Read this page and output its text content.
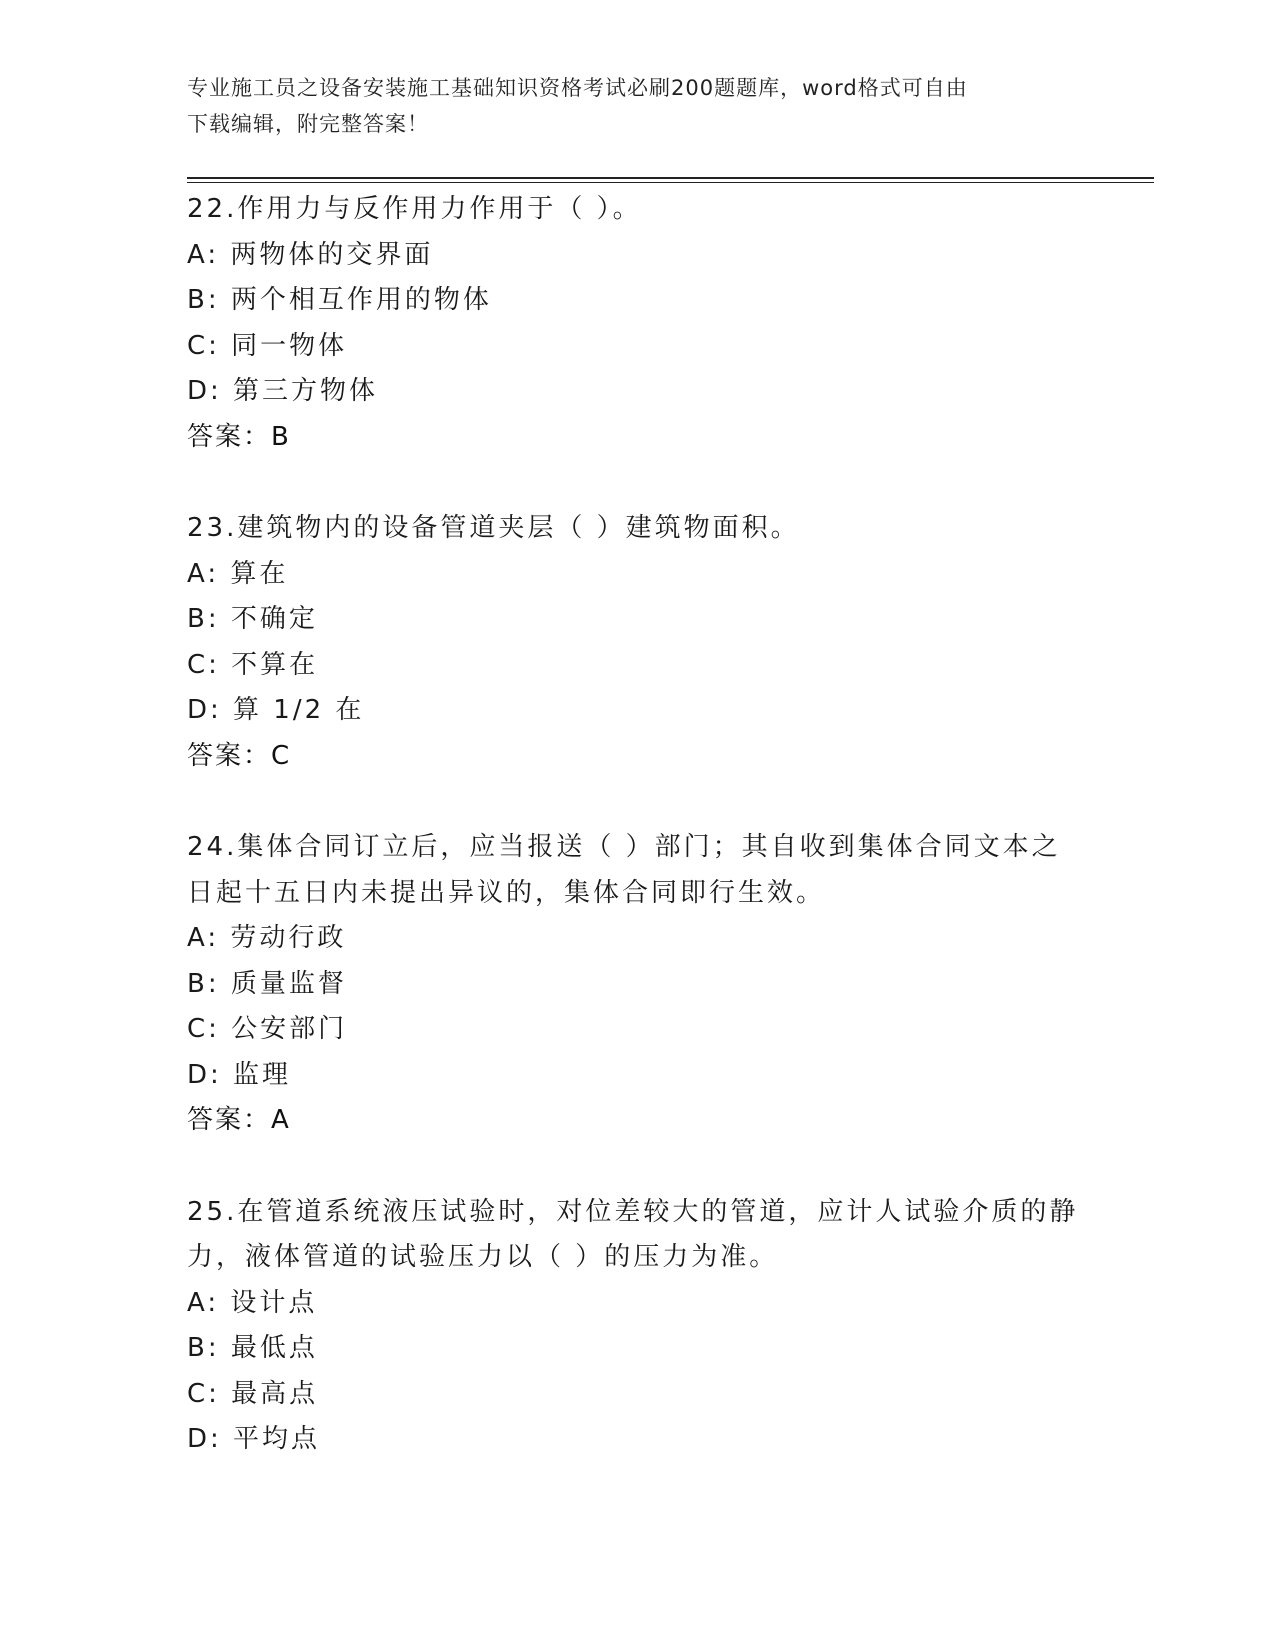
专业施工员之设备安装施工基础知识资格考试必刷200题题库，word格式可自由
下载编辑，附完整答案！
22.作用力与反作用力作用于（ ）。
A: 两物体的交界面
B: 两个相互作用的物体
C: 同一物体
D: 第三方物体
答案：B
23.建筑物内的设备管道夹层（ ）建筑物面积。
A: 算在
B: 不确定
C: 不算在
D: 算 1/2 在
答案：C
24.集体合同订立后，应当报送（ ）部门；其自收到集体合同文本之
日起十五日内未提出异议的，集体合同即行生效。
A: 劳动行政
B: 质量监督
C: 公安部门
D: 监理
答案：A
25.在管道系统液压试验时，对位差较大的管道，应计人试验介质的静
力，液体管道的试验压力以（ ）的压力为准。
A: 设计点
B: 最低点
C: 最高点
D: 平均点
